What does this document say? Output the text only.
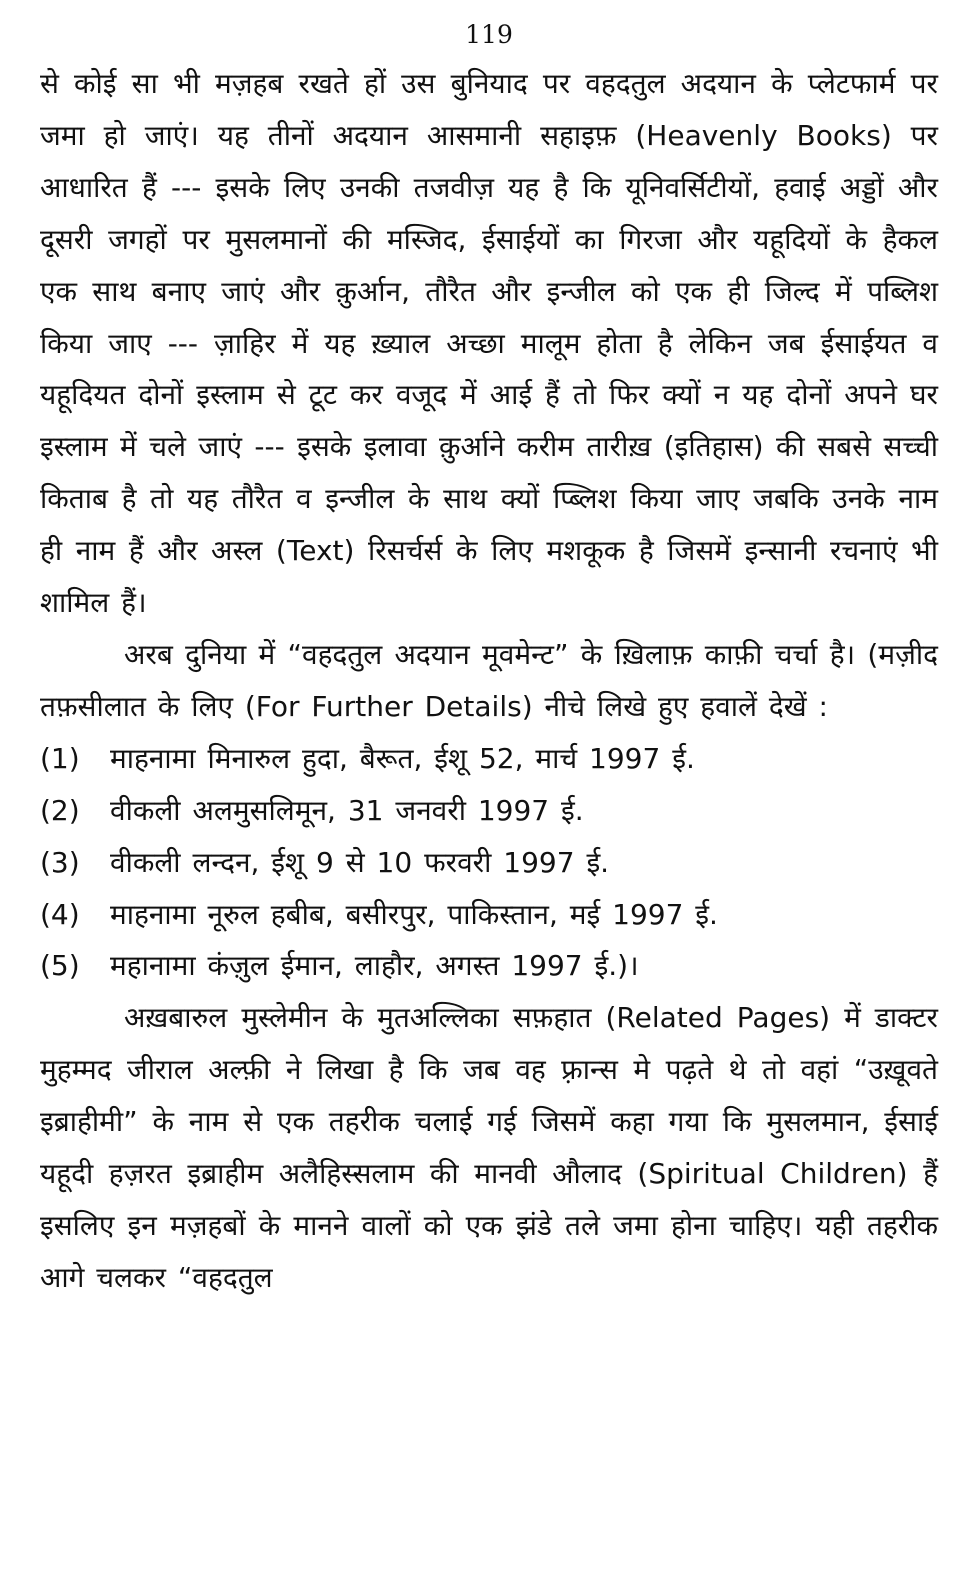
119

से कोई सा भी मज़हब रखते हों उस बुनियाद पर वहदतुल अदयान के प्लेटफार्म पर जमा हो जाएं। यह तीनों अदयान आसमानी सहाइफ़ (Heavenly Books) पर आधारित हैं --- इसके लिए उनकी तजवीज़ यह है कि यूनिवर्सिटीयों, हवाई अड्डों और दूसरी जगहों पर मुसलमानों की मस्जिद, ईसाईयों का गिरजा और यहूदियों के हैकल एक साथ बनाए जाएं और क़ुर्आन, तौरैत और इन्जील को एक ही जिल्द में पब्लिश किया जाए --- ज़ाहिर में यह ख़्याल अच्छा मालूम होता है लेकिन जब ईसाईयत व यहूदियत दोनों इस्लाम से टूट कर वजूद में आई हैं तो फिर क्यों न यह दोनों अपने घर इस्लाम में चले जाएं --- इसके इलावा क़ुर्आने करीम तारीख़ (इतिहास) की सबसे सच्ची किताब है तो यह तौरैत व इन्जील के साथ क्यों प्ब्लिश किया जाए जबकि उनके नाम ही नाम हैं और अस्ल (Text) रिसर्चर्स के लिए मशकूक है जिसमें इन्सानी रचनाएं भी शामिल हैं।

अरब दुनिया में “वहदतुल अदयान मूवमेन्ट” के ख़िलाफ़ काफ़ी चर्चा है। (मज़ीद तफ़सीलात के लिए (For Further Details) नीचे लिखे हुए हवालें देखें :

(1) माहनामा मिनारुल हुदा, बैरूत, ईशू 52, मार्च 1997 ई.
(2) वीकली अलमुसलिमून, 31 जनवरी 1997 ई.
(3) वीकली लन्दन, ईशू 9 से 10 फरवरी 1997 ई.
(4) माहनामा नूरुल हबीब, बसीरपुर, पाकिस्तान, मई 1997 ई.
(5) महानामा कंज़ुल ईमान, लाहौर, अगस्त 1997 ई.)।

अख़बारुल मुस्लेमीन के मुतअल्लिका सफ़हात (Related Pages) में डाक्टर मुहम्मद जीराल अल्फ़ी ने लिखा है कि जब वह फ़्रान्स मे पढ़ते थे तो वहां “उख़ूवते इब्राहीमी” के नाम से एक तहरीक चलाई गई जिसमें कहा गया कि मुसलमान, ईसाई यहूदी हज़रत इब्राहीम अलैहिस्सलाम की मानवी औलाद (Spiritual Children) हैं इसलिए इन मज़हबों के मानने वालों को एक झंडे तले जमा होना चाहिए। यही तहरीक आगे चलकर “वहदतुल
